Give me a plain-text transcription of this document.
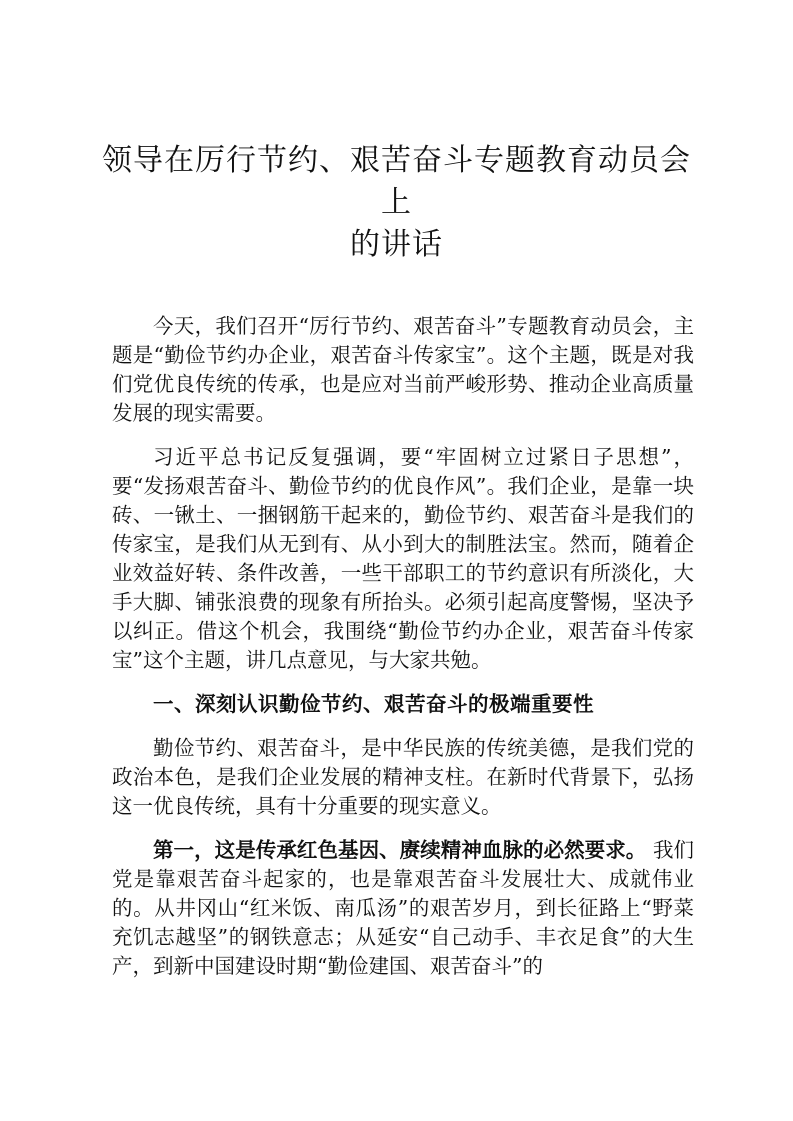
领导在厉行节约、艰苦奋斗专题教育动员会上
的讲话

今天，我们召开“厉行节约、艰苦奋斗”专题教育动员会，主题是“勤俭节约办企业，艰苦奋斗传家宝”。这个主题，既是对我们党优良传统的传承，也是应对当前严峻形势、推动企业高质量发展的现实需要。

习近平总书记反复强调，要“牢固树立过紧日子思想”，要“发扬艰苦奋斗、勤俭节约的优良作风”。我们企业，是靠一块砖、一锹土、一捆钢筋干起来的，勤俭节约、艰苦奋斗是我们的传家宝，是我们从无到有、从小到大的制胜法宝。然而，随着企业效益好转、条件改善，一些干部职工的节约意识有所淡化，大手大脚、铺张浪费的现象有所抬头。必须引起高度警惕，坚决予以纠正。借这个机会，我围绕“勤俭节约办企业，艰苦奋斗传家宝”这个主题，讲几点意见，与大家共勉。

一、深刻认识勤俭节约、艰苦奋斗的极端重要性

勤俭节约、艰苦奋斗，是中华民族的传统美德，是我们党的政治本色，是我们企业发展的精神支柱。在新时代背景下，弘扬这一优良传统，具有十分重要的现实意义。

第一，这是传承红色基因、赓续精神血脉的必然要求。 我们党是靠艰苦奋斗起家的，也是靠艰苦奋斗发展壮大、成就伟业的。从井冈山“红米饭、南瓜汤”的艰苦岁月，到长征路上“野菜充饥志越坚”的钢铁意志；从延安“自己动手、丰衣足食”的大生产，到新中国建设时期“勤俭建国、艰苦奋斗”的
